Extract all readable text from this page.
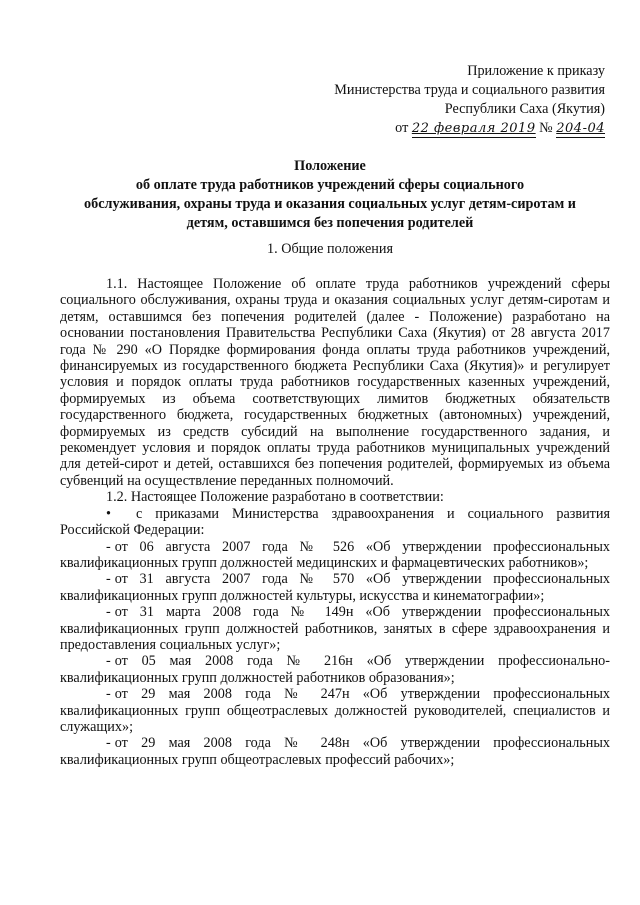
Приложение к приказу
Министерства труда и социального развития
Республики Саха (Якутия)
от 22 февраля 2019 № 204-04
Положение
об оплате труда работников учреждений сферы социального
обслуживания, охраны труда и оказания социальных услуг детям-сиротам и
детям, оставшимся без попечения родителей
1. Общие положения

1.1. Настоящее Положение об оплате труда работников учреждений сферы социального обслуживания, охраны труда и оказания социальных услуг детям-сиротам и детям, оставшимся без попечения родителей (далее - Положение) разработано на основании постановления Правительства Республики Саха (Якутия) от 28 августа 2017 года № 290 «О Порядке формирования фонда оплаты труда работников учреждений, финансируемых из государственного бюджета Республики Саха (Якутия)» и регулирует условия и порядок оплаты труда работников государственных казенных учреждений, формируемых из объема соответствующих лимитов бюджетных обязательств государственного бюджета, государственных бюджетных (автономных) учреждений, формируемых из средств субсидий на выполнение государственного задания, и рекомендует условия и порядок оплаты труда работников муниципальных учреждений для детей-сирот и детей, оставшихся без попечения родителей, формируемых из объема субвенций на осуществление переданных полномочий.

1.2. Настоящее Положение разработано в соответствии:

• с приказами Министерства здравоохранения и социального развития Российской Федерации:

- от 06 августа 2007 года № 526 «Об утверждении профессиональных квалификационных групп должностей медицинских и фармацевтических работников»;

- от 31 августа 2007 года № 570 «Об утверждении профессиональных квалификационных групп должностей культуры, искусства и кинематографии»;

- от 31 марта 2008 года № 149н «Об утверждении профессиональных квалификационных групп должностей работников, занятых в сфере здравоохранения и предоставления социальных услуг»;

- от 05 мая 2008 года № 216н «Об утверждении профессионально-квалификационных групп должностей работников образования»;

- от 29 мая 2008 года № 247н «Об утверждении профессиональных квалификационных групп общеотраслевых должностей руководителей, специалистов и служащих»;

- от 29 мая 2008 года № 248н «Об утверждении профессиональных квалификационных групп общеотраслевых профессий рабочих»;
